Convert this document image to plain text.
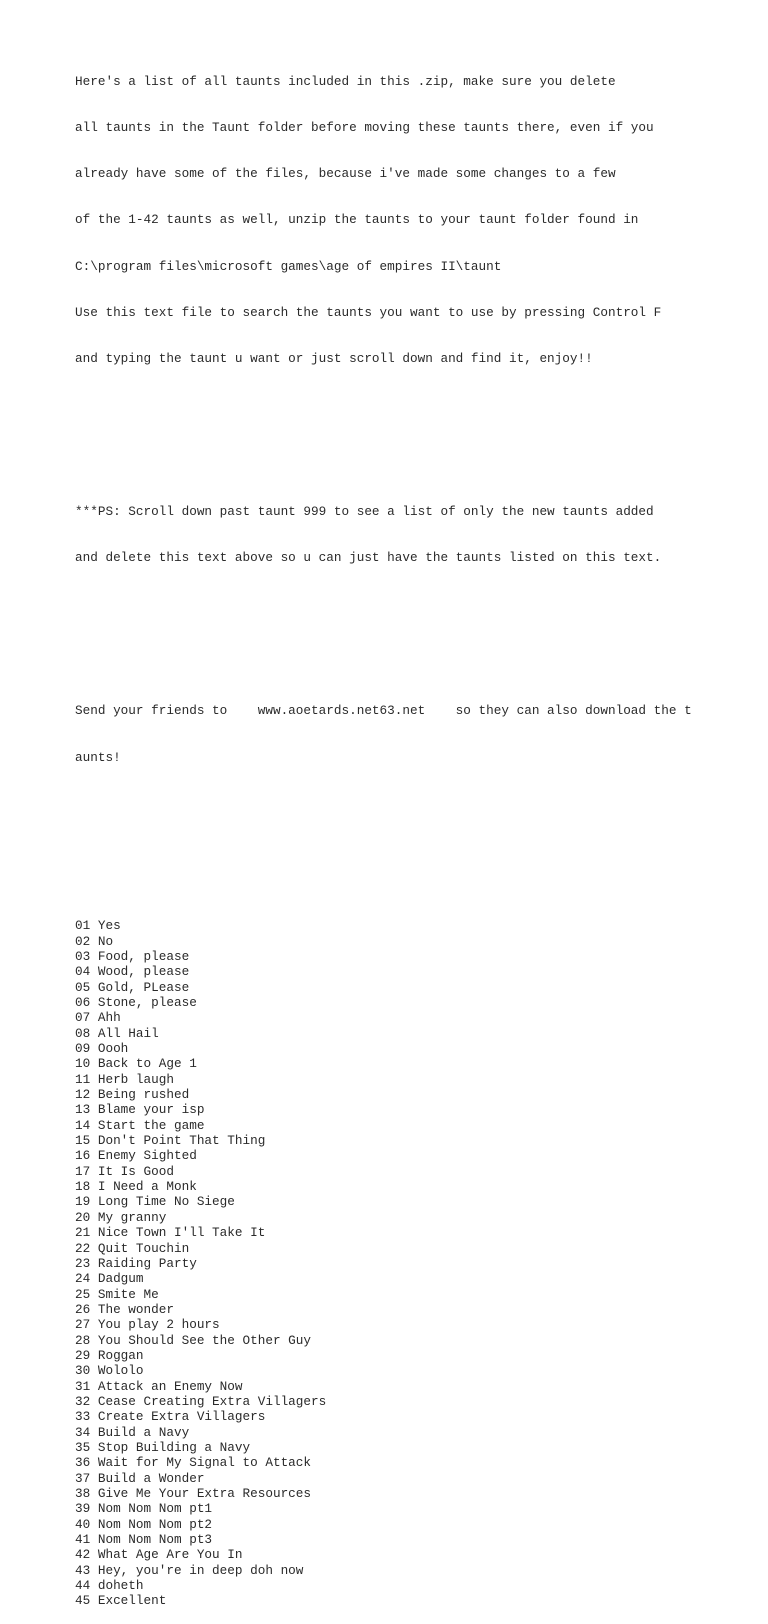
Here's a list of all taunts included in this .zip, make sure you delete

all taunts in the Taunt folder before moving these taunts there, even if you

already have some of the files, because i've made some changes to a few

of the 1-42 taunts as well, unzip the taunts to your taunt folder found in

C:\program files\microsoft games\age of empires II\taunt

Use this text file to search the taunts you want to use by pressing Control F

and typing the taunt u want or just scroll down and find it, enjoy!!

***PS: Scroll down past taunt 999 to see a list of only the new taunts added

and delete this text above so u can just have the taunts listed on this text.

Send your friends to    www.aoetards.net63.net    so they can also download the t

aunts!

01 Yes
02 No
03 Food, please
04 Wood, please
05 Gold, PLease
06 Stone, please
07 Ahh
08 All Hail
09 Oooh
10 Back to Age 1
11 Herb laugh
12 Being rushed
13 Blame your isp
14 Start the game
15 Don't Point That Thing
16 Enemy Sighted
17 It Is Good
18 I Need a Monk
19 Long Time No Siege
20 My granny
21 Nice Town I'll Take It
22 Quit Touchin
23 Raiding Party
24 Dadgum
25 Smite Me
26 The wonder
27 You play 2 hours
28 You Should See the Other Guy
29 Roggan
30 Wololo
31 Attack an Enemy Now
32 Cease Creating Extra Villagers
33 Create Extra Villagers
34 Build a Navy
35 Stop Building a Navy
36 Wait for My Signal to Attack
37 Build a Wonder
38 Give Me Your Extra Resources
39 Nom Nom Nom pt1
40 Nom Nom Nom pt2
41 Nom Nom Nom pt3
42 What Age Are You In
43 Hey, you're in deep doh now
44 doheth
45 Excellent
